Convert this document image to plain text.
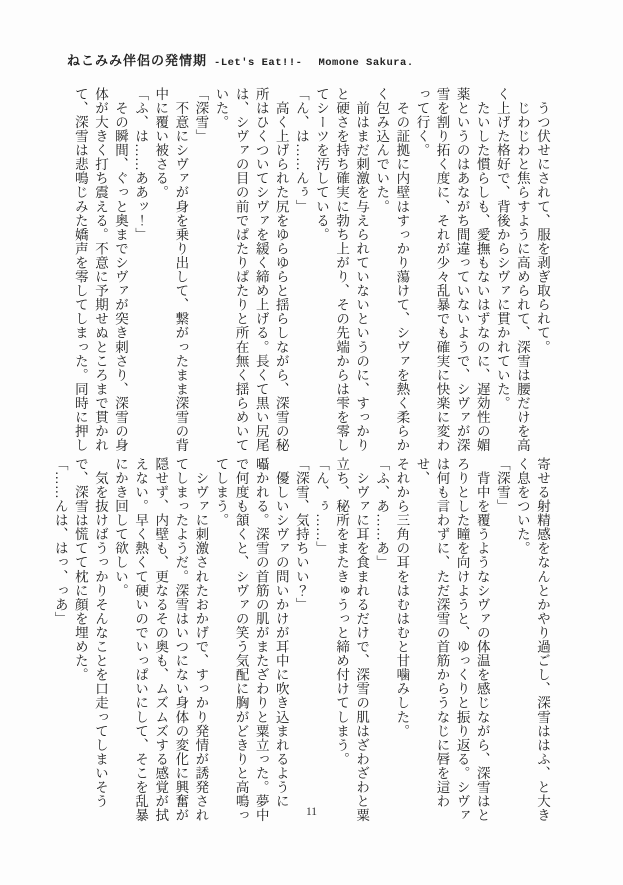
ねこみみ伴侶の発情期 -Let's Eat!!- Momone Sakura.
　うつ伏せにされて、服を剥ぎ取られて。
　じわじわと焦らすように高められて、深雪は腰だけを高
く上げた格好で、背後からシヴァに貫かれていた。
　たいした慣らしも、愛撫もないはずなのに、遅効性の媚
薬というのはあながち間違っていないようで、シヴァが深
雪を割り拓く度に、それが少々乱暴でも確実に快楽に変わ
って行く。
　その証拠に内壁はすっかり蕩けて、シヴァを熱く柔らか
く包み込んでいた。
　前はまだ刺激を与えられていないというのに、すっかり
と硬さを持ち確実に勃ち上がり、その先端からは雫を零し
てシーツを汚している。
「ん、は……んぅ」
　高く上げられた尻をゆらゆらと揺らしながら、深雪の秘
所はひくついてシヴァを緩く締め上げる。長くて黒い尻尾
は、シヴァの目の前でぱたりぱたりと所在無く揺らめいて
いた。
「深雪」
　不意にシヴァが身を乗り出して、繋がったまま深雪の背
中に覆い被さる。
「ふ、は……ああッ！」
　その瞬間、ぐっと奥までシヴァが突き刺さり、深雪の身
体が大きく打ち震える。不意に予期せぬところまで貫かれ
て、深雪は悲鳴じみた嬌声を零してしまった。同時に押し
寄せる射精感をなんとかやり過ごし、深雪ははふ、と大き
く息をついた。
「深雪」
　背中を覆うようなシヴァの体温を感じながら、深雪はと
ろりとした瞳を向けようと、ゆっくりと振り返る。シヴァ
は何も言わずに、ただ深雪の首筋からうなじに唇を這わせ、
それから三角の耳をはむはむと甘噛みした。
「ふ、あ……あ」
　シヴァに耳を食まれるだけで、深雪の肌はざわざわと粟
立ち、秘所をまたきゅうっと締め付けてしまう。
「ん、ぅ……」
「深雪、気持ちいい？」
　優しいシヴァの問いかけが耳中に吹き込まれるように
囁かれる。深雪の首筋の肌がまたざわりと粟立った。夢中
で何度も頷くと、シヴァの笑う気配に胸がどきりと高鳴っ
てしまう。
　シヴァに刺激されたおかげで、すっかり発情が誘発され
てしまったようだ。深雪はいつにない身体の変化に興奮が
隠せず、内壁も、更なるその奥も、ムズムズする感覚が拭
えない。早く熱くて硬いのでいっぱいにして、そこを乱暴
にかき回して欲しい。
　気を抜けばうっかりそんなことを口走ってしまいそう
で、深雪は慌てて枕に顔を埋めた。
「……んは、はっ、っあ」
11
